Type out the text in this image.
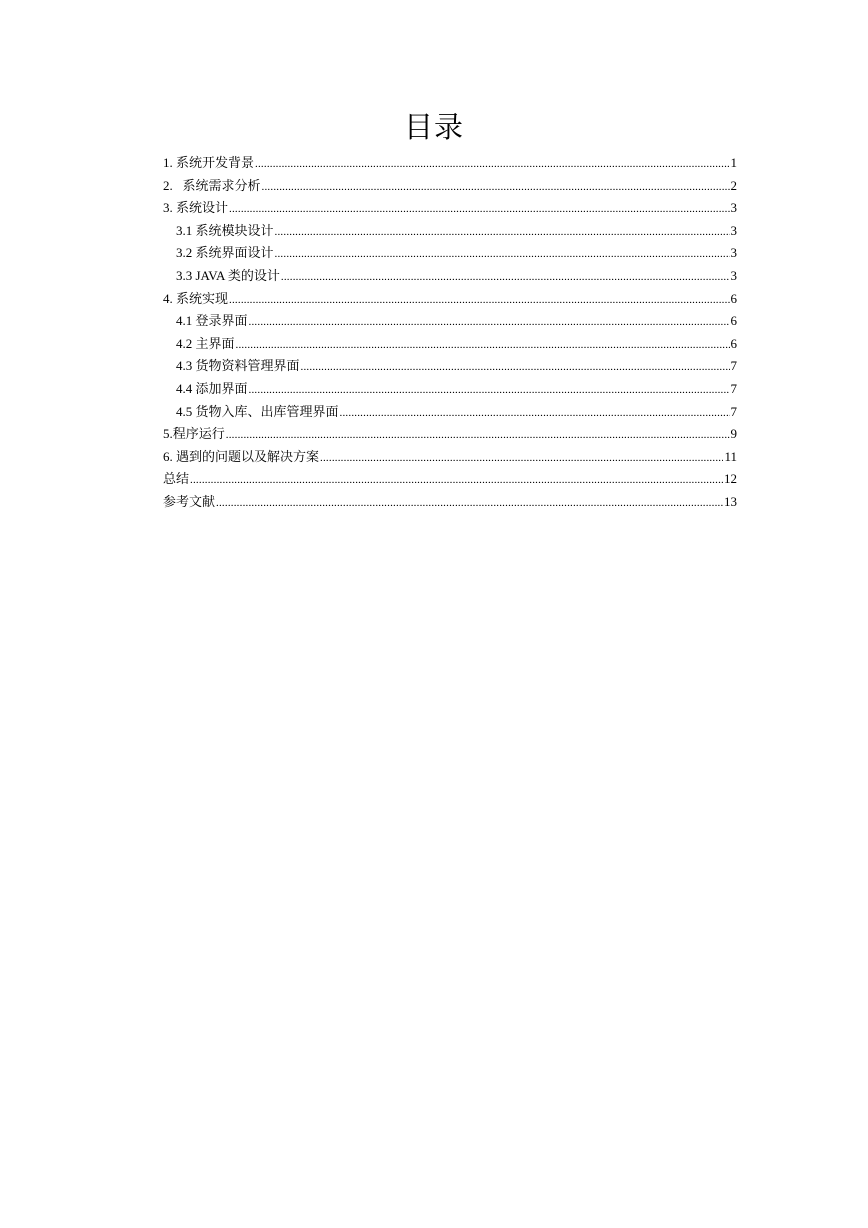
目录
1. 系统开发背景 .....	1
2.   系统需求分析 .....	2
3. 系统设计 .....	3
3.1 系统模块设计 .....	3
3.2 系统界面设计 .....	3
3.3 JAVA 类的设计 .....	3
4. 系统实现 .....	6
4.1 登录界面 .....	6
4.2 主界面 .....	6
4.3 货物资料管理界面 .....	7
4.4 添加界面 .....	7
4.5 货物入库、出库管理界面 .....	7
5.程序运行 .....	9
6. 遇到的问题以及解决方案 .....	11
总结 .....	12
参考文献 .....	13
